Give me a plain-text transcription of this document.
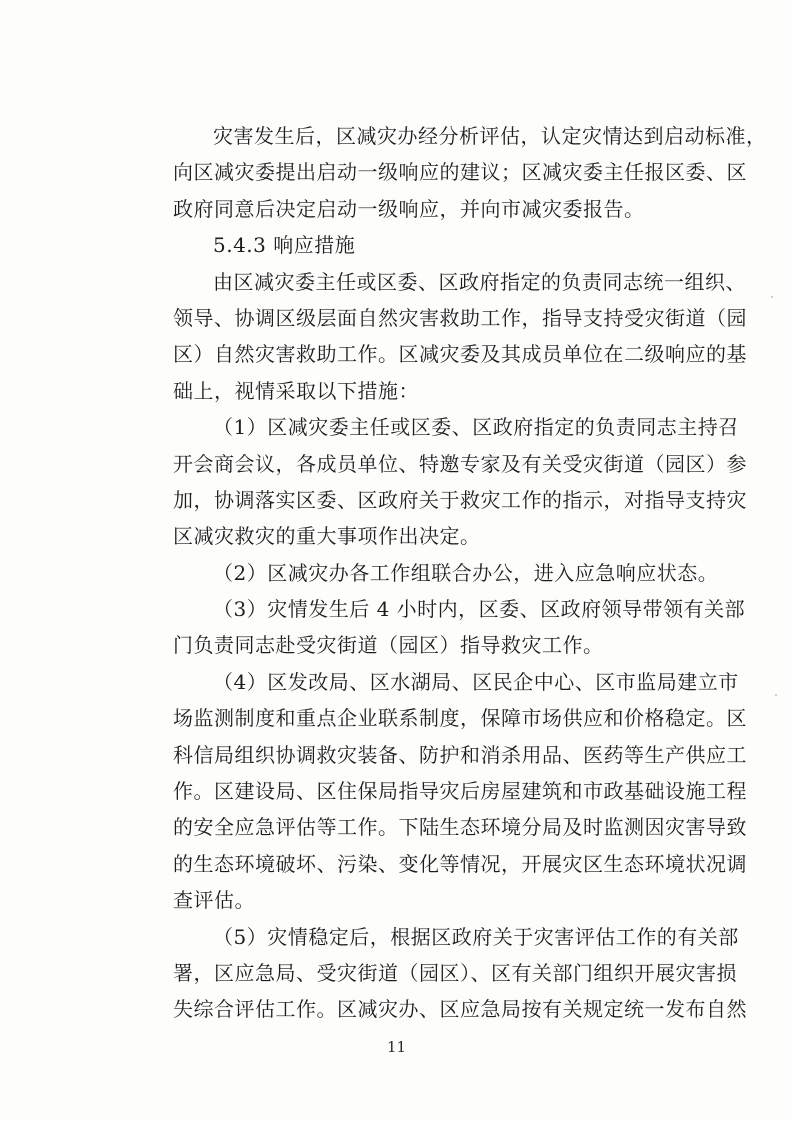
灾害发生后，区减灾办经分析评估，认定灾情达到启动标准，
向区减灾委提出启动一级响应的建议；区减灾委主任报区委、区
政府同意后决定启动一级响应，并向市减灾委报告。
5.4.3 响应措施
由区减灾委主任或区委、区政府指定的负责同志统一组织、
领导、协调区级层面自然灾害救助工作，指导支持受灾街道（园
区）自然灾害救助工作。区减灾委及其成员单位在二级响应的基
础上，视情采取以下措施：
（1）区减灾委主任或区委、区政府指定的负责同志主持召
开会商会议，各成员单位、特邀专家及有关受灾街道（园区）参
加，协调落实区委、区政府关于救灾工作的指示，对指导支持灾
区减灾救灾的重大事项作出决定。
（2）区减灾办各工作组联合办公，进入应急响应状态。
（3）灾情发生后 4 小时内，区委、区政府领导带领有关部
门负责同志赴受灾街道（园区）指导救灾工作。
（4）区发改局、区水湖局、区民企中心、区市监局建立市
场监测制度和重点企业联系制度，保障市场供应和价格稳定。区
科信局组织协调救灾装备、防护和消杀用品、医药等生产供应工
作。区建设局、区住保局指导灾后房屋建筑和市政基础设施工程
的安全应急评估等工作。下陆生态环境分局及时监测因灾害导致
的生态环境破坏、污染、变化等情况，开展灾区生态环境状况调
查评估。
（5）灾情稳定后，根据区政府关于灾害评估工作的有关部
署，区应急局、受灾街道（园区）、区有关部门组织开展灾害损
失综合评估工作。区减灾办、区应急局按有关规定统一发布自然
11
